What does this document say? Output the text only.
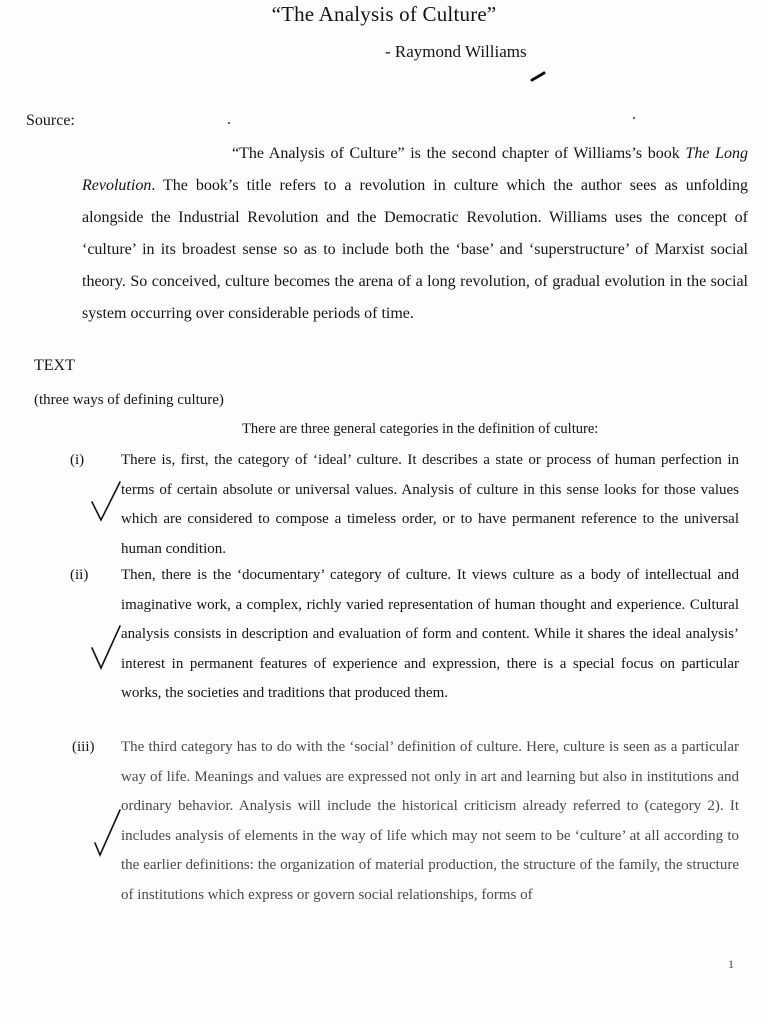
“The Analysis of Culture”
- Raymond Williams
Source:
“The Analysis of Culture” is the second chapter of Williams’s book The Long Revolution. The book’s title refers to a revolution in culture which the author sees as unfolding alongside the Industrial Revolution and the Democratic Revolution. Williams uses the concept of ‘culture’ in its broadest sense so as to include both the ‘base’ and ‘superstructure’ of Marxist social theory. So conceived, culture becomes the arena of a long revolution, of gradual evolution in the social system occurring over considerable periods of time.
TEXT
(three ways of defining culture)
There are three general categories in the definition of culture:
(i) There is, first, the category of ‘ideal’ culture. It describes a state or process of human perfection in terms of certain absolute or universal values. Analysis of culture in this sense looks for those values which are considered to compose a timeless order, or to have permanent reference to the universal human condition.
(ii) Then, there is the ‘documentary’ category of culture. It views culture as a body of intellectual and imaginative work, a complex, richly varied representation of human thought and experience. Cultural analysis consists in description and evaluation of form and content. While it shares the ideal analysis’ interest in permanent features of experience and expression, there is a special focus on particular works, the societies and traditions that produced them.
(iii) The third category has to do with the ‘social’ definition of culture. Here, culture is seen as a particular way of life. Meanings and values are expressed not only in art and learning but also in institutions and ordinary behavior. Analysis will include the historical criticism already referred to (category 2). It includes analysis of elements in the way of life which may not seem to be ‘culture’ at all according to the earlier definitions: the organization of material production, the structure of the family, the structure of institutions which express or govern social relationships, forms of
1
